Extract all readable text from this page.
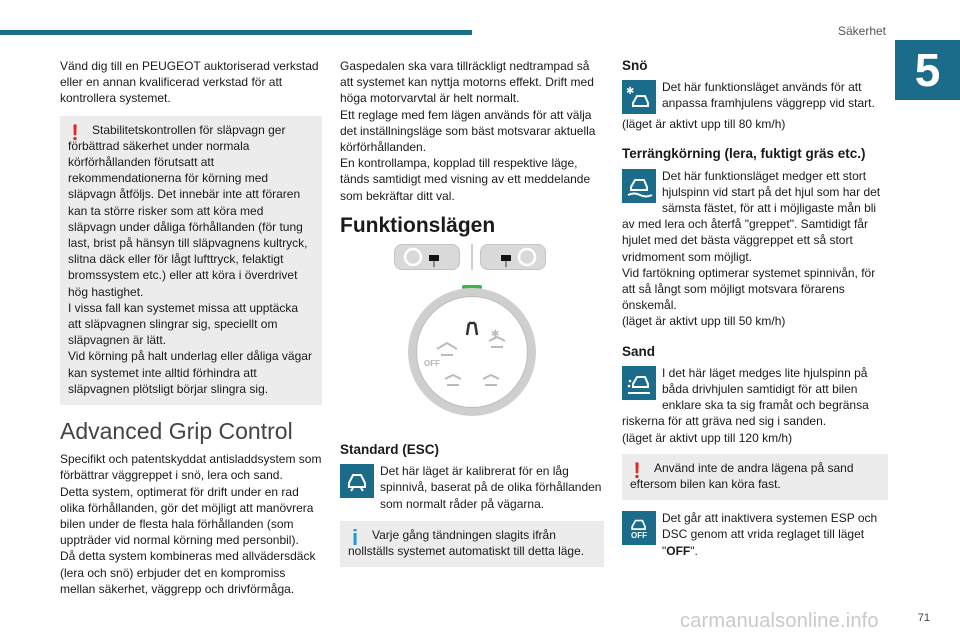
Säkerhet
5

Vänd dig till en PEUGEOT auktoriserad verkstad eller en annan kvalificerad verkstad för att kontrollera systemet.

!	Stabilitetskontrollen för släpvagn ger förbättrad säkerhet under normala körförhållanden förutsatt att rekommendationerna för körning med släpvagn åtföljs. Det innebär inte att föraren kan ta större risker som att köra med släpvagn under dåliga förhållanden (för tung last, brist på hänsyn till släpvagnens kultryck, slitna däck eller för lågt lufttryck, felaktigt bromssystem etc.) eller att köra i överdrivet hög hastighet.

I vissa fall kan systemet missa att upptäcka att släpvagnen slingrar sig, speciellt om släpvagnen är lätt.

Vid körning på halt underlag eller dåliga vägar kan systemet inte alltid förhindra att släpvagnen plötsligt börjar slingra sig.

Advanced Grip Control

Specifikt och patentskyddat antisladdsystem som förbättrar väggreppet i snö, lera och sand.

Detta system, optimerat för drift under en rad olika förhållanden, gör det möjligt att manövrera bilen under de flesta hala förhållanden (som uppträder vid normal körning med personbil).

Då detta system kombineras med allvädersdäck (lera och snö) erbjuder det en kompromiss mellan säkerhet, väggrepp och drivförmåga.

Gaspedalen ska vara tillräckligt nedtrampad så att systemet kan nyttja motorns effekt. Drift med höga motorvarvtal är helt normalt.

Ett reglage med fem lägen används för att välja det inställningsläge som bäst motsvarar aktuella körförhållanden.

En kontrollampa, kopplad till respektive läge, tänds samtidigt med visning av ett meddelande som bekräftar ditt val.

Funktionslägen
✱
OFF
Standard (ESC)

Det här läget är kalibrerat för en låg spinnivå, baserat på de olika förhållanden som normalt råder på vägarna.

i	Varje gång tändningen slagits ifrån nollställs systemet automatiskt till detta läge.

Snö
✱	Det här funktionsläget används för att anpassa framhjulens väggrepp vid start.

(läget är aktivt upp till 80 km/h)

Terrängkörning (lera, fuktigt gräs etc.)

Det här funktionsläget medger ett stort hjulspinn vid start på det hjul som har det sämsta fästet, för att i möjligaste mån bli av med lera och återfå "greppet". Samtidigt får hjulet med det bästa väggreppet ett så stort vridmoment som möjligt.

Vid fartökning optimerar systemet spinnivån, för att så långt som möjligt motsvara förarens önskemål.

(läget är aktivt upp till 50 km/h)

Sand

I det här läget medges lite hjulspinn på båda drivhjulen samtidigt för att bilen enklare ska ta sig framåt och begränsa riskerna för att gräva ned sig i sanden.

(läget är aktivt upp till 120 km/h)

!	Använd inte de andra lägena på sand eftersom bilen kan köra fast.

OFF

Det går att inaktivera systemen ESP och DSC genom att vrida reglaget till läget "OFF".

carmanualsonline.info	71
